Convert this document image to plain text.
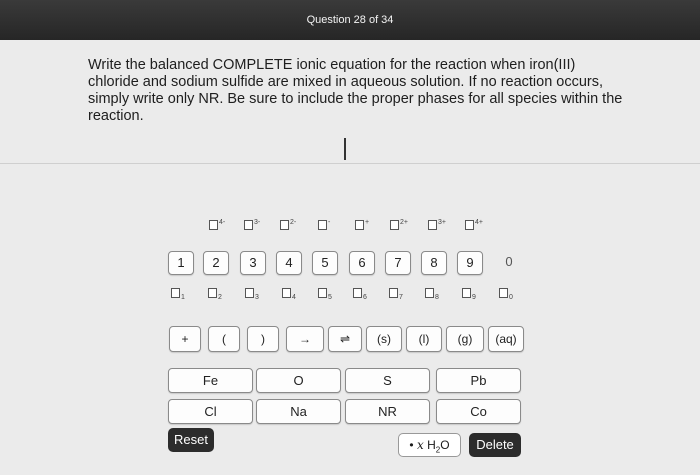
Question 28 of 34
Write the balanced COMPLETE ionic equation for the reaction when iron(III) chloride and sodium sulfide are mixed in aqueous solution. If no reaction occurs, simply write only NR. Be sure to include the proper phases for all species within the reaction.
$^{4-}$	$^{3-}$	$^{2-}$	-	+	$^{2+}$	$^{3+}$	$^{4+}$
1	2	3	4	5	6	7	8	9	0
$_1$	$_2$	$_3$	$_4$	$_5$	$_6$	$_7$	$_8$	$_9$	$_0$
+	(	)	→	⇌	(s)	(l)	(g)	(aq)
Fe	O	S	Pb
Cl	Na	NR	Co
Reset	• x $H_2O$	Delete
